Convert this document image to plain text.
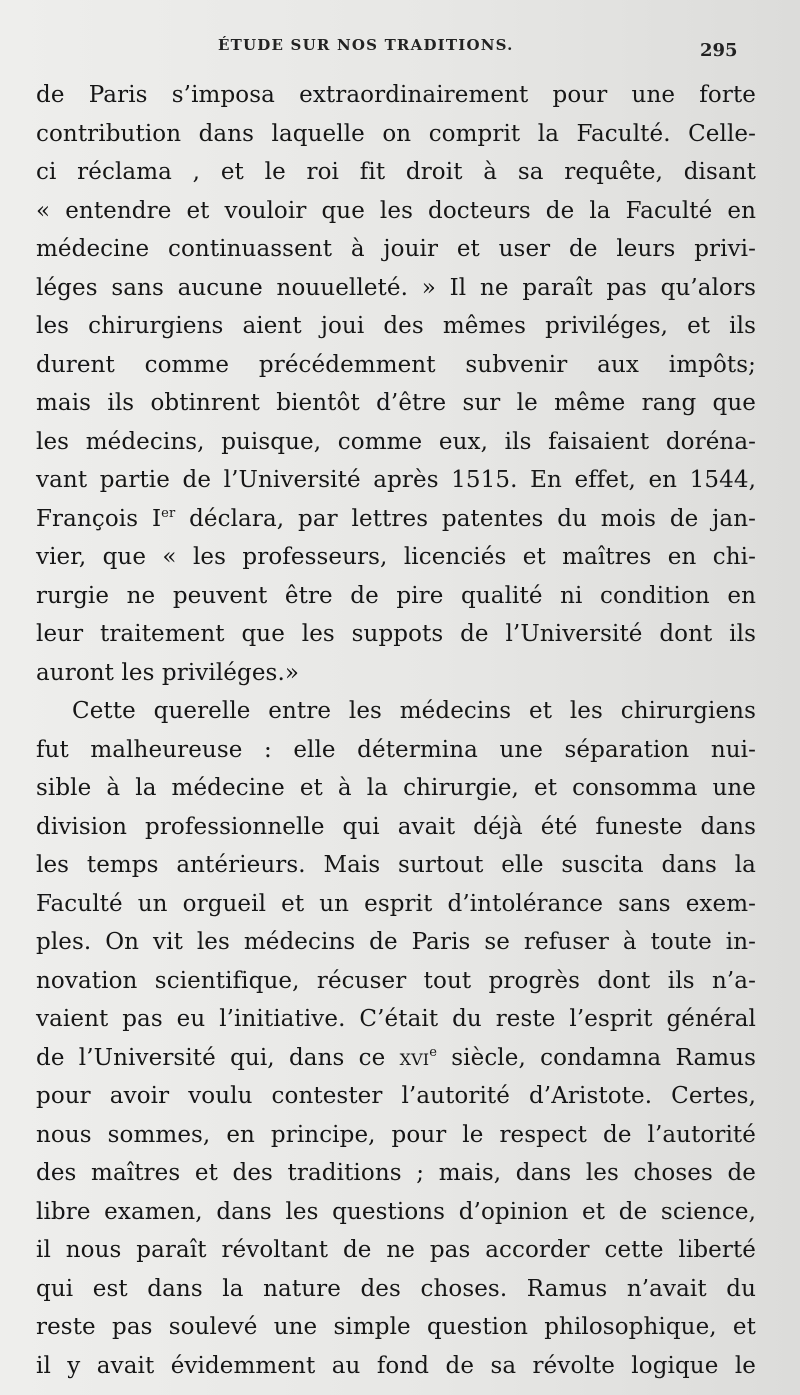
ÉTUDE SUR NOS TRADITIONS.	295
de Paris s’imposa extraordinairement pour une forte
contribution dans laquelle on comprit la Faculté. Celle-
ci réclama , et le roi fit droit à sa requête, disant
« entendre et vouloir que les docteurs de la Faculté en
médecine continuassent à jouir et user de leurs privi-
léges sans aucune nouuelleté. » Il ne paraît pas qu’alors
les chirurgiens aient joui des mêmes priviléges, et ils
durent comme précédemment subvenir aux impôts;
mais ils obtinrent bientôt d’être sur le même rang que
les médecins, puisque, comme eux, ils faisaient doréna-
vant partie de l’Université après 1515. En effet, en 1544,
François Ier déclara, par lettres patentes du mois de jan-
vier, que « les professeurs, licenciés et maîtres en chi-
rurgie ne peuvent être de pire qualité ni condition en
leur traitement que les suppots de l’Université dont ils
auront les priviléges.»
Cette querelle entre les médecins et les chirurgiens
fut malheureuse : elle détermina une séparation nui-
sible à la médecine et à la chirurgie, et consomma une
division professionnelle qui avait déjà été funeste dans
les temps antérieurs. Mais surtout elle suscita dans la
Faculté un orgueil et un esprit d’intolérance sans exem-
ples. On vit les médecins de Paris se refuser à toute in-
novation scientifique, récuser tout progrès dont ils n’a-
vaient pas eu l’initiative. C’était du reste l’esprit général
de l’Université qui, dans ce xvi$^e$ siècle, condamna Ramus
pour avoir voulu contester l’autorité d’Aristote. Certes,
nous sommes, en principe, pour le respect de l’autorité
des maîtres et des traditions ; mais, dans les choses de
libre examen, dans les questions d’opinion et de science,
il nous paraît révoltant de ne pas accorder cette liberté
qui est dans la nature des choses. Ramus n’avait du
reste pas soulevé une simple question philosophique, et
il y avait évidemment au fond de sa révolte logique le
